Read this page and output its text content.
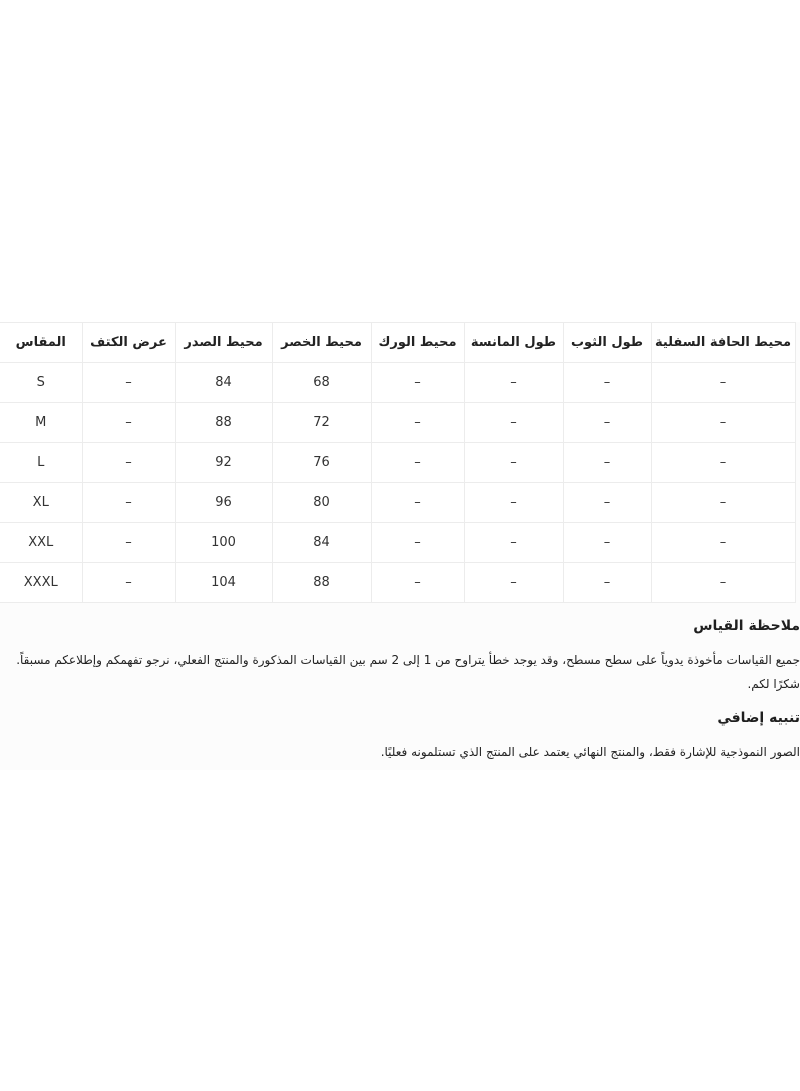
المقاس	عرض الكتف	محيط الصدر	محيط الخصر	محيط الورك	طول المانسة	طول الثوب	محيط الحافة السفلية
S	–	84	68	–	–	–	–
M	–	88	72	–	–	–	–
L	–	92	76	–	–	–	–
XL	–	96	80	–	–	–	–
XXL	–	100	84	–	–	–	–
XXXL	–	104	88	–	–	–	–

ملاحظة القياس

جميع القياسات مأخوذة يدوياً على سطح مسطح، وقد يوجد خطأ يتراوح من 1 إلى 2 سم بين القياسات المذكورة والمنتج الفعلي، نرجو تفهمكم وإطلاعكم مسبقاً.

شكرًا لكم.

تنبيه إضافي

الصور النموذجية للإشارة فقط، والمنتج النهائي يعتمد على المنتج الذي تستلمونه فعليًا.
